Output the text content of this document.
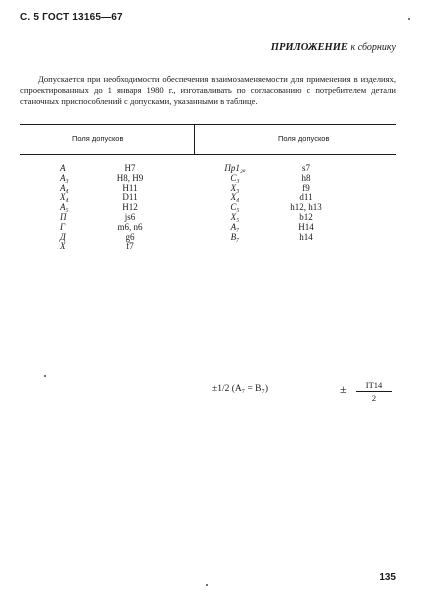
С. 5 ГОСТ 13165—67
ПРИЛОЖЕНИЕ к сборнику

Допускается при необходимости обеспечения взаимозаменяемости для применения в изделиях, спроектированных до 1 января 1980 г., изготавливать по согласованию с потребителем детали станочных приспособлений с допусками, указанными в таблице.

Поля допусков	Поля допусков
A	H7	Пр1₂ₐ	s7
A₃	H8, H9	C₃	h8
A₄	H11	X₃	f9
X₄	D11	X₄	d11
A₅	H12	C₅	h12, h13
П	js6	X₅	b12
Г	m6, n6	A₇	H14
Д	g6	B₇	h14
X	f7
±1/2 (A₇ = B₇)	± $\frac{IT14}{2}$
135
